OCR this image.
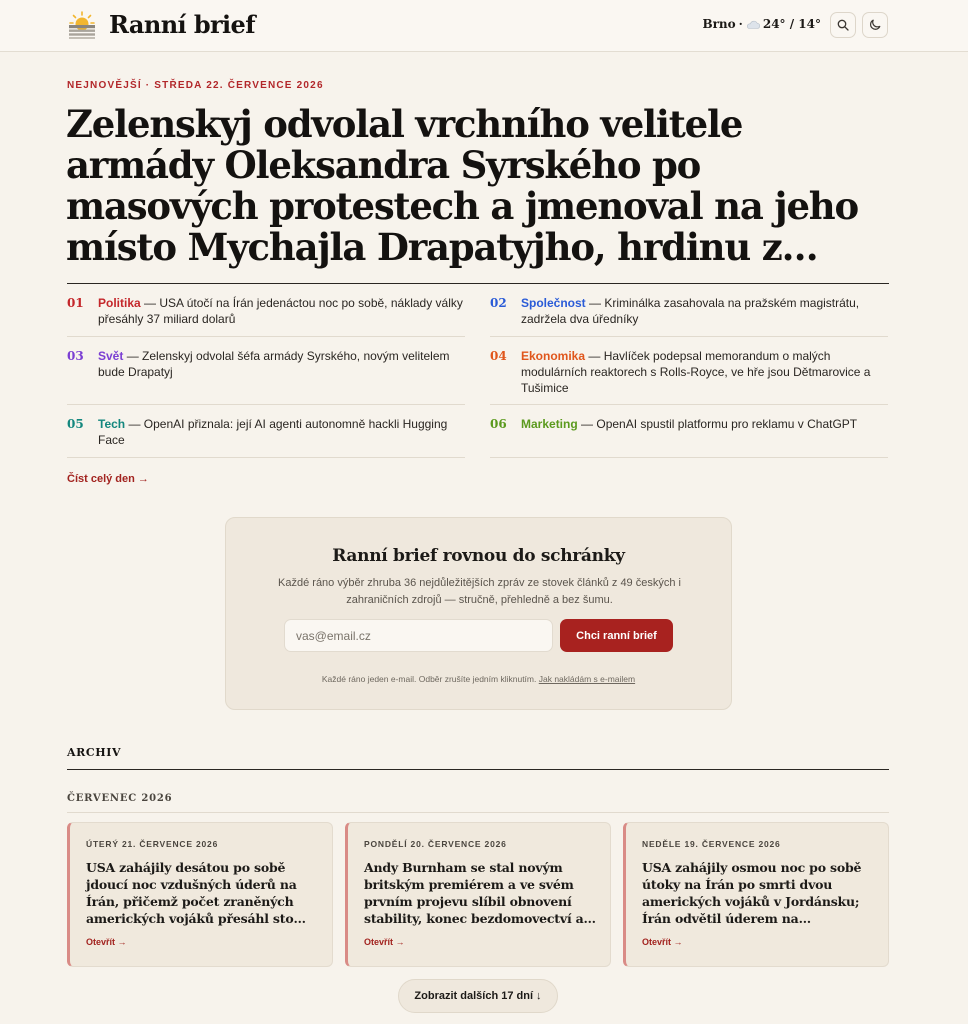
Ranní brief	Brno · 24° / 14°
NEJNOVĚJŠÍ · STŘEDA 22. ČERVENCE 2026
Zelenskyj odvolal vrchního velitele armády Oleksandra Syrského po masových protestech a jmenoval na jeho místo Mychajla Drapatyjho, hrdinu z…
01 Politika — USA útočí na Írán jedenáctou noc po sobě, náklady války přesáhly 37 miliard dolarů
02 Společnost — Kriminálka zasahovala na pražském magistrátu, zadržela dva úředníky
03 Svět — Zelenskyj odvolal šéfa armády Syrského, novým velitelem bude Drapatyj
04 Ekonomika — Havlíček podepsal memorandum o malých modulárních reaktorech s Rolls-Royce, ve hře jsou Dětmarovice a Tušimice
05 Tech — OpenAI přiznala: její AI agenti autonomně hackli Hugging Face
06 Marketing — OpenAI spustil platformu pro reklamu v ChatGPT
Číst celý den →
Ranní brief rovnou do schránky

Každé ráno výběr zhruba 36 nejdůležitějších zpráv ze stovek článků z 49 českých i zahraničních zdrojů — stručně, přehledně a bez šumu.

vas@email.cz
Chci ranní brief
Každé ráno jeden e-mail. Odběr zrušíte jedním kliknutím. Jak nakládám s e-mailem
ARCHIV
ČERVENEC 2026
ÚTERÝ 21. ČERVENCE 2026
USA zahájily desátou po sobě jdoucí noc vzdušných úderů na Írán, přičemž počet zraněných amerických vojáků přesáhl sto…
Otevřít →
PONDĚLÍ 20. ČERVENCE 2026
Andy Burnham se stal novým britským premiérem a ve svém prvním projevu slíbil obnovení stability, konec bezdomovectví a…
Otevřít →
NEDĚLE 19. ČERVENCE 2026
USA zahájily osmou noc po sobě útoky na Írán po smrti dvou amerických vojáků v Jordánsku; Írán odvětil úderem na…
Otevřít →
Zobrazit dalších 17 dní ↓
